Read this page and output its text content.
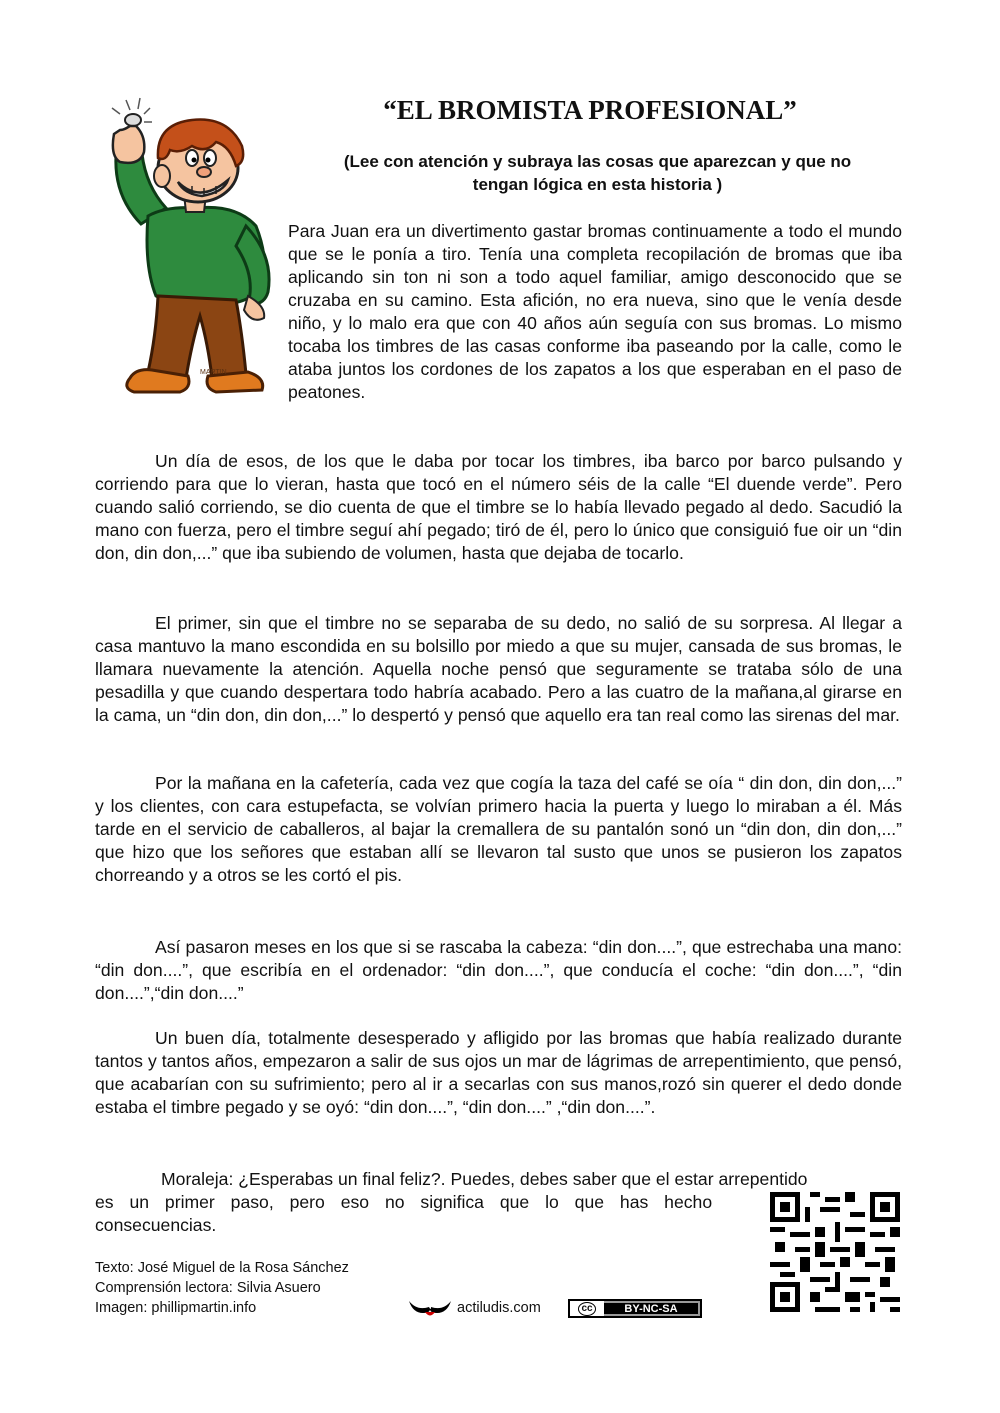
“EL BROMISTA PROFESIONAL”
(Lee con atención y subraya las cosas que aparezcan y que no
tengan lógica en esta historia )
MARTIN

Para Juan era un divertimento gastar bromas continuamente a todo el mundo que se le ponía a tiro. Tenía una completa recopilación de bromas que iba aplicando sin ton ni son a todo aquel familiar, amigo desconocido que se cruzaba en su camino. Esta afición, no era nueva, sino que le venía desde niño, y lo malo era que con 40 años aún seguía con sus bromas. Lo mismo tocaba los timbres de las casas conforme iba paseando por la calle, como le ataba juntos los cordones de los zapatos a los que esperaban en el paso de peatones.

Un día de esos, de los que le daba por tocar los timbres, iba barco por barco pulsando y corriendo para que lo vieran, hasta que tocó en el número séis de la calle “El duende verde”. Pero cuando salió corriendo, se dio cuenta de que el timbre se lo había llevado pegado al dedo. Sacudió la mano con fuerza, pero el timbre seguí ahí pegado; tiró de él, pero lo único que consiguió fue oir un “din don, din don,...” que iba subiendo de volumen, hasta que dejaba de tocarlo.

El primer, sin que el timbre no se separaba de su dedo, no salió de su sorpresa. Al llegar a casa mantuvo la mano escondida en su bolsillo por miedo a que su mujer, cansada de sus bromas, le llamara nuevamente la atención. Aquella noche pensó que seguramente se trataba sólo de una pesadilla y que cuando despertara todo habría acabado. Pero a las cuatro de la mañana,al girarse en la cama, un “din don, din don,...” lo despertó y pensó que aquello era tan real como las sirenas del mar.

Por la mañana en la cafetería, cada vez que cogía la taza del café se oía “ din don, din don,...” y los clientes, con cara estupefacta, se volvían primero hacia la puerta y luego lo miraban a él. Más tarde en el servicio de caballeros, al bajar la cremallera de su pantalón sonó un “din don, din don,...” que hizo que los señores que estaban allí se llevaron tal susto que unos se pusieron los zapatos chorreando y a otros se les cortó el pis.

Así pasaron meses en los que si se rascaba la cabeza: “din don....”, que estrechaba una mano: “din don....”, que escribía en el ordenador: “din don....”, que conducía el coche: “din don....”, “din don....”,“din don....”

Un buen día, totalmente desesperado y afligido por las bromas que había realizado durante tantos y tantos años, empezaron a salir de sus ojos un mar de lágrimas de arrepentimiento, que pensó, que acabarían con su sufrimiento; pero al ir a secarlas con sus manos,rozó sin querer el dedo donde estaba el timbre pegado y se oyó: “din don....”, “din don....” ,“din don....”.

Moraleja: ¿Esperabas un final feliz?. Puedes, debes saber que el estar arrepentido

es un primer paso, pero eso no significa que lo que has hecho

consecuencias.

Texto: José Miguel de la Rosa Sánchez
Comprensión lectora: Silvia Asuero
Imagen: phillipmartin.info	actiludis.com	cc	BY-NC-SA
